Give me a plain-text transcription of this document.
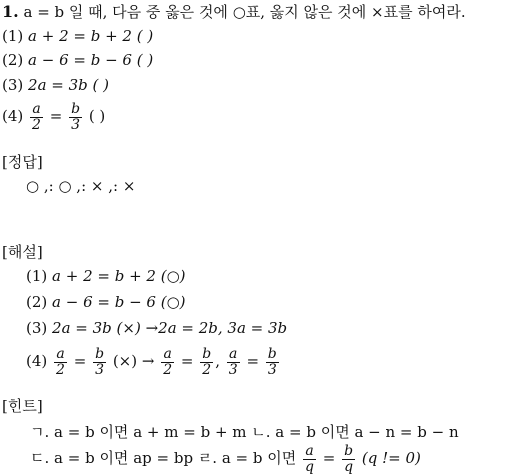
1. a = b 일 때, 다음 중 옳은 것에 ○표, 옳지 않은 것에 ×표를 하여라.
(1) a + 2 = b + 2 ( )
(2) a − 6 = b − 6 ( )
(3) 2a = 3b ( )
$(4) \frac{a}{2} = \frac{b}{3}$ ( )
[정답]
○ ,: ○ ,: × ,: ×
[해설]
(1) a + 2 = b + 2 (○)
(2) a − 6 = b − 6 (○)
(3) 2a = 3b (×) →2a = 2b, 3a = 3b
$(4) \frac{a}{2} = \frac{b}{3}$ (×) → $\frac{a}{2} = \frac{b}{2}$ , $\frac{a}{3} = \frac{b}{3}$
[힌트]
ㄱ. a = b 이면 a + m = b + m ㄴ. a = b 이면 a − n = b − n
ㄷ. a = b 이면 ap = bp ㄹ. a = b 이면 $\frac{a}{q} = \frac{b}{q} (q$ != 0)
